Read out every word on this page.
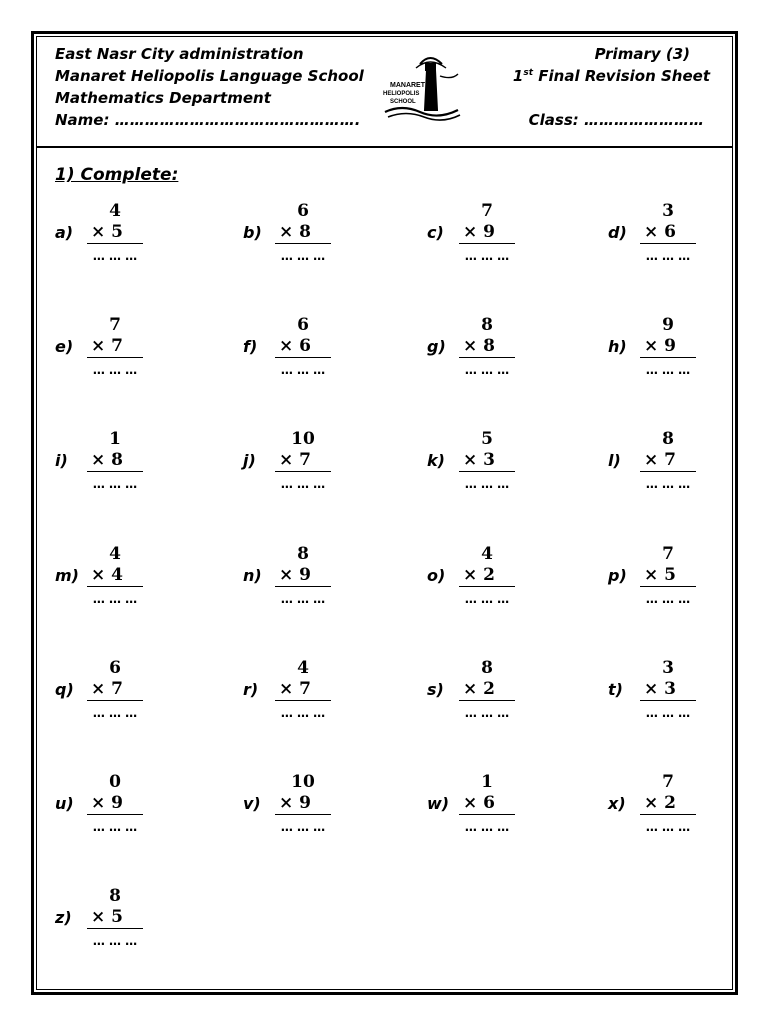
East Nasr City administration
Manaret Heliopolis Language School
Mathematics Department
Name: ………………………………………….
Primary (3)
1st Final Revision Sheet
Class: ……………………
MANARET
HELIOPOLIS
SCHOOL
1) Complete:
4
a) × 5
… … …
6
b) × 8
… … …
7
c) × 9
… … …
3
d) × 6
… … …
7
e) × 7
… … …
6
f) × 6
… … …
8
g) × 8
… … …
9
h) × 9
… … …
1
i) × 8
… … …
10
j) × 7
… … …
5
k) × 3
… … …
8
l) × 7
… … …
4
m) × 4
… … …
8
n) × 9
… … …
4
o) × 2
… … …
7
p) × 5
… … …
6
q) × 7
… … …
4
r) × 7
… … …
8
s) × 2
… … …
3
t) × 3
… … …
0
u) × 9
… … …
10
v) × 9
… … …
1
w) × 6
… … …
7
x) × 2
… … …
8
z) × 5
… … …
